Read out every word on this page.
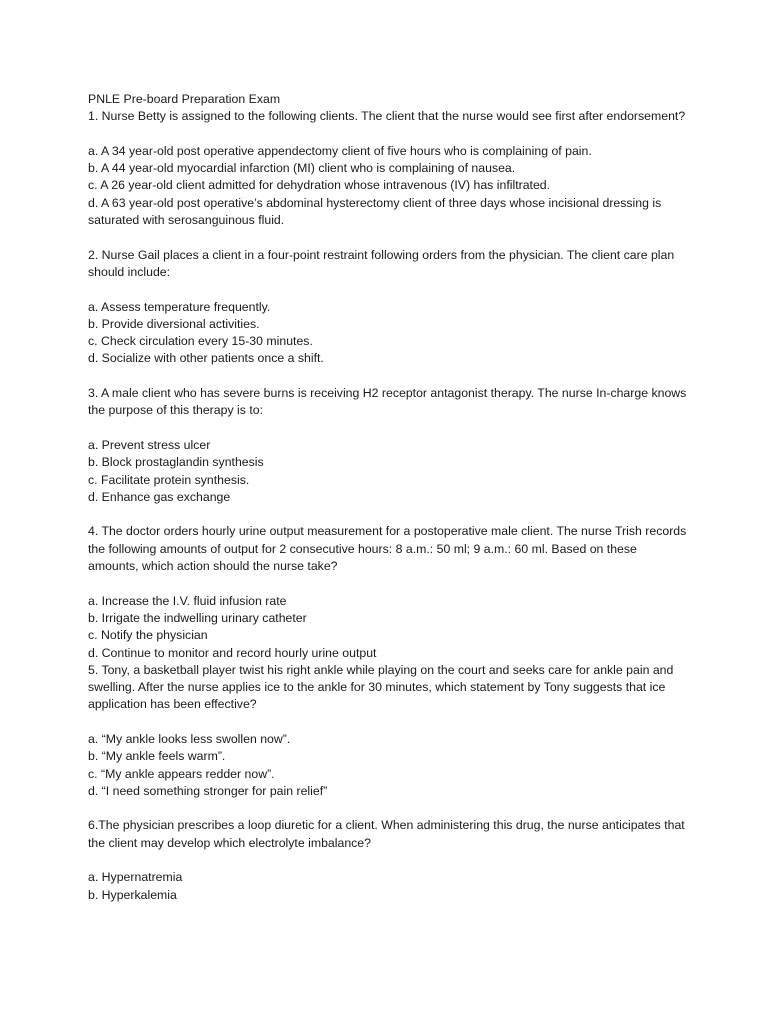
PNLE Pre-board Preparation Exam
1. Nurse Betty is assigned to the following clients. The client that the nurse would see first after endorsement?
a. A 34 year-old post operative appendectomy client of five hours who is complaining of pain.
b. A 44 year-old myocardial infarction (MI) client who is complaining of nausea.
c. A 26 year-old client admitted for dehydration whose intravenous (IV) has infiltrated.
d. A 63 year-old post operative’s abdominal hysterectomy client of three days whose incisional dressing is saturated with serosanguinous fluid.
2. Nurse Gail places a client in a four-point restraint following orders from the physician. The client care plan should include:
a. Assess temperature frequently.
b. Provide diversional activities.
c. Check circulation every 15-30 minutes.
d. Socialize with other patients once a shift.
3. A male client who has severe burns is receiving H2 receptor antagonist therapy. The nurse In-charge knows the purpose of this therapy is to:
a. Prevent stress ulcer
b. Block prostaglandin synthesis
c. Facilitate protein synthesis.
d. Enhance gas exchange
4. The doctor orders hourly urine output measurement for a postoperative male client. The nurse Trish records the following amounts of output for 2 consecutive hours: 8 a.m.: 50 ml; 9 a.m.: 60 ml. Based on these amounts, which action should the nurse take?
a. Increase the I.V. fluid infusion rate
b. Irrigate the indwelling urinary catheter
c. Notify the physician
d. Continue to monitor and record hourly urine output
5. Tony, a basketball player twist his right ankle while playing on the court and seeks care for ankle pain and swelling. After the nurse applies ice to the ankle for 30 minutes, which statement by Tony suggests that ice application has been effective?
a. “My ankle looks less swollen now”.
b. “My ankle feels warm”.
c. “My ankle appears redder now”.
d. “I need something stronger for pain relief”
6.The physician prescribes a loop diuretic for a client. When administering this drug, the nurse anticipates that the client may develop which electrolyte imbalance?
a. Hypernatremia
b. Hyperkalemia
